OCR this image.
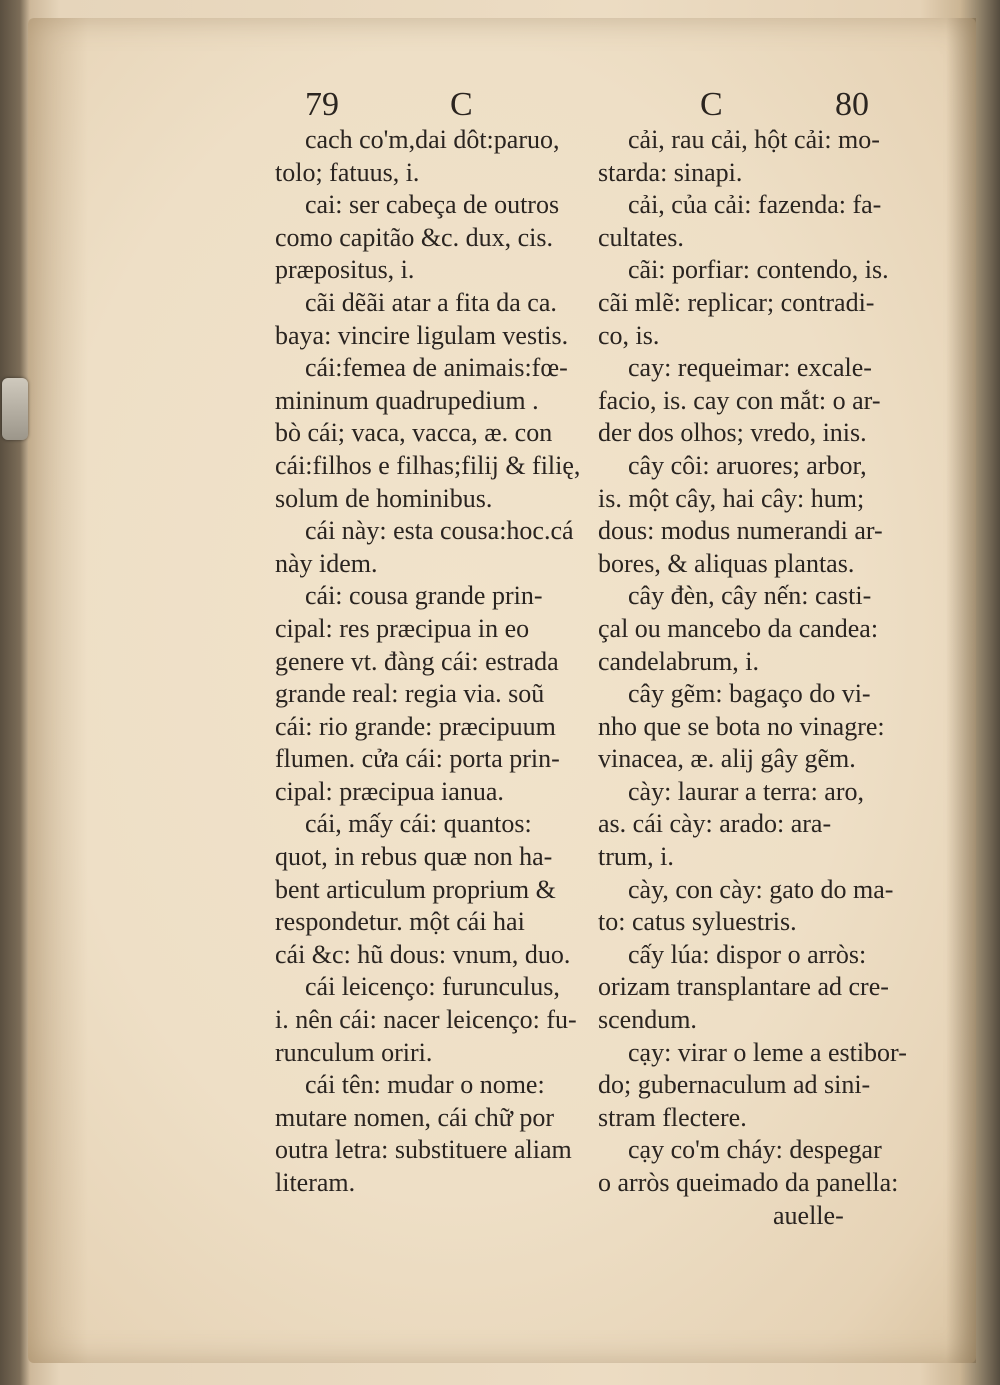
79	C	C	80
cach co'm,dai dôt:paruo,
tolo; fatuus, i.
cai: ser cabeça de outros
como capitão &c. dux, cis.
præpositus, i.
cãi dẽãi atar a fita da ca.
baya: vincire ligulam vestis.
cái:femea de animais:fœ-
mininum quadrupedium .
bò cái; vaca, vacca, æ. con
cái:filhos e filhas;filij & filię,
solum de hominibus.
cái này: esta cousa:hoc.cá
này idem.
cái: cousa grande prin-
cipal: res præcipua in eo
genere vt. đàng cái: estrada
grande real: regia via. soũ
cái: rio grande: præcipuum
flumen. cửa cái: porta prin-
cipal: præcipua ianua.
cái, mấy cái: quantos:
quot, in rebus quæ non ha-
bent articulum proprium &
respondetur. một cái hai
cái &c: hũ dous: vnum, duo.
cái leicenço: furunculus,
i. nên cái: nacer leicenço: fu-
runculum oriri.
cái tên: mudar o nome:
mutare nomen, cái chữ por
outra letra: substituere aliam
literam.
cải, rau cải, hột cải: mo-
starda: sinapi.
cải, của cải: fazenda: fa-
cultates.
cãi: porfiar: contendo, is.
cãi mlẽ: replicar; contradi-
co, is.
cay: requeimar: excale-
facio, is. cay con mắt: o ar-
der dos olhos; vredo, inis.
cây côi: aruores; arbor,
is. một cây, hai cây: hum;
dous: modus numerandi ar-
bores, & aliquas plantas.
cây đèn, cây nến: casti-
çal ou mancebo da candea:
candelabrum, i.
cây gẽm: bagaço do vi-
nho que se bota no vinagre:
vinacea, æ. alij gây gẽm.
cày: laurar a terra: aro,
as. cái cày: arado: ara-
trum, i.
cày, con cày: gato do ma-
to: catus syluestris.
cấy lúa: dispor o arròs:
orizam transplantare ad cre-
scendum.
cạy: virar o leme a estibor-
do; gubernaculum ad sini-
stram flectere.
cạy co'm cháy: despegar
o arròs queimado da panella:
auelle-
